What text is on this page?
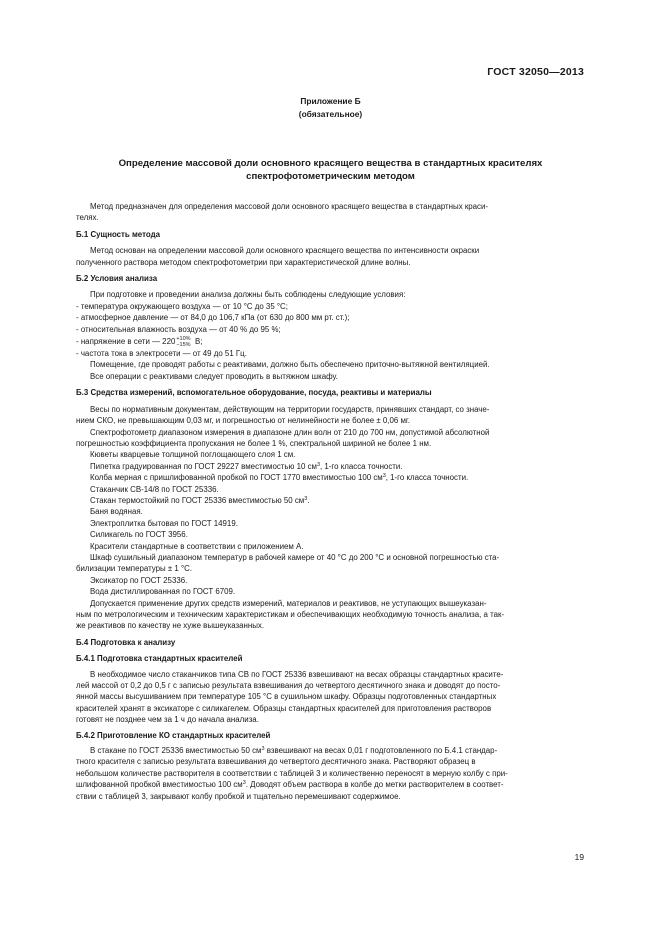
ГОСТ 32050—2013
Приложение Б
(обязательное)
Определение массовой доли основного красящего вещества в стандартных красителях
спектрофотометрическим методом
Метод предназначен для определения массовой доли основного красящего вещества в стандартных краси-
телях.
Б.1 Сущность метода
Метод основан на определении массовой доли основного красящего вещества по интенсивности окраски
полученного раствора методом спектрофотометрии при характеристической длине волны.
Б.2 Условия анализа
При подготовке и проведении анализа должны быть соблюдены следующие условия:
- температура окружающего воздуха — от 10 °С до 35 °С;
- атмосферное давление — от 84,0 до 106,7 кПа (от 630 до 800 мм рт. ст.);
- относительная влажность воздуха — от 40 % до 95 %;
- напряжение в сети — 220 +10%
−15% В;
- частота тока в электросети — от 49 до 51 Гц.
Помещение, где проводят работы с реактивами, должно быть обеспечено приточно-вытяжной вентиляцией.
Все операции с реактивами следует проводить в вытяжном шкафу.
Б.3 Средства измерений, вспомогательное оборудование, посуда, реактивы и материалы
Весы по нормативным документам, действующим на территории государств, принявших стандарт, со значе-
нием СКО, не превышающим 0,03 мг, и погрешностью от нелинейности не более ± 0,06 мг.
Спектрофотометр диапазоном измерения в диапазоне длин волн от 210 до 700 нм, допустимой абсолютной
погрешностью коэффициента пропускания не более 1 %, спектральной шириной не более 1 нм.
Кюветы кварцевые толщиной поглощающего слоя 1 см.
Пипетка градуированная по ГОСТ 29227 вместимостью 10 $см^3$, 1-го класса точности.
Колба мерная с пришлифованной пробкой по ГОСТ 1770 вместимостью 100 $см^3$, 1-го класса точности.
Стаканчик СВ-14/8 по ГОСТ 25336.
Стакан термостойкий по ГОСТ 25336 вместимостью 50 $см^3$.
Баня водяная.
Электроплитка бытовая по ГОСТ 14919.
Силикагель по ГОСТ 3956.
Красители стандартные в соответствии с приложением А.
Шкаф сушильный диапазоном температур в рабочей камере от 40 °С до 200 °С и основной погрешностью ста-
билизации температуры ± 1 °С.
Эксикатор по ГОСТ 25336.
Вода дистиллированная по ГОСТ 6709.
Допускается применение других средств измерений, материалов и реактивов, не уступающих вышеуказан-
ным по метрологическим и техническим характеристикам и обеспечивающих необходимую точность анализа, а так-
же реактивов по качеству не хуже вышеуказанных.
Б.4 Подготовка к анализу
Б.4.1 Подготовка стандартных красителей
В необходимое число стаканчиков типа СВ по ГОСТ 25336 взвешивают на весах образцы стандартных красите-
лей массой от 0,2 до 0,5 г с записью результата взвешивания до четвертого десятичного знака и доводят до посто-
янной массы высушиванием при температуре 105 °С в сушильном шкафу. Образцы подготовленных стандартных
красителей хранят в эксикаторе с силикагелем. Образцы стандартных красителей для приготовления растворов
готовят не позднее чем за 1 ч до начала анализа.
Б.4.2 Приготовление КО стандартных красителей
В стакане по ГОСТ 25336 вместимостью 50 $см^3$ взвешивают на весах 0,01 г подготовленного по Б.4.1 стандар-
тного красителя с записью результата взвешивания до четвертого десятичного знака. Растворяют образец в
небольшом количестве растворителя в соответствии с таблицей 3 и количественно переносят в мерную колбу с при-
шлифованной пробкой вместимостью 100 $см^3$. Доводят объем раствора в колбе до метки растворителем в соответ-
ствии с таблицей 3, закрывают колбу пробкой и тщательно перемешивают содержимое.
19
